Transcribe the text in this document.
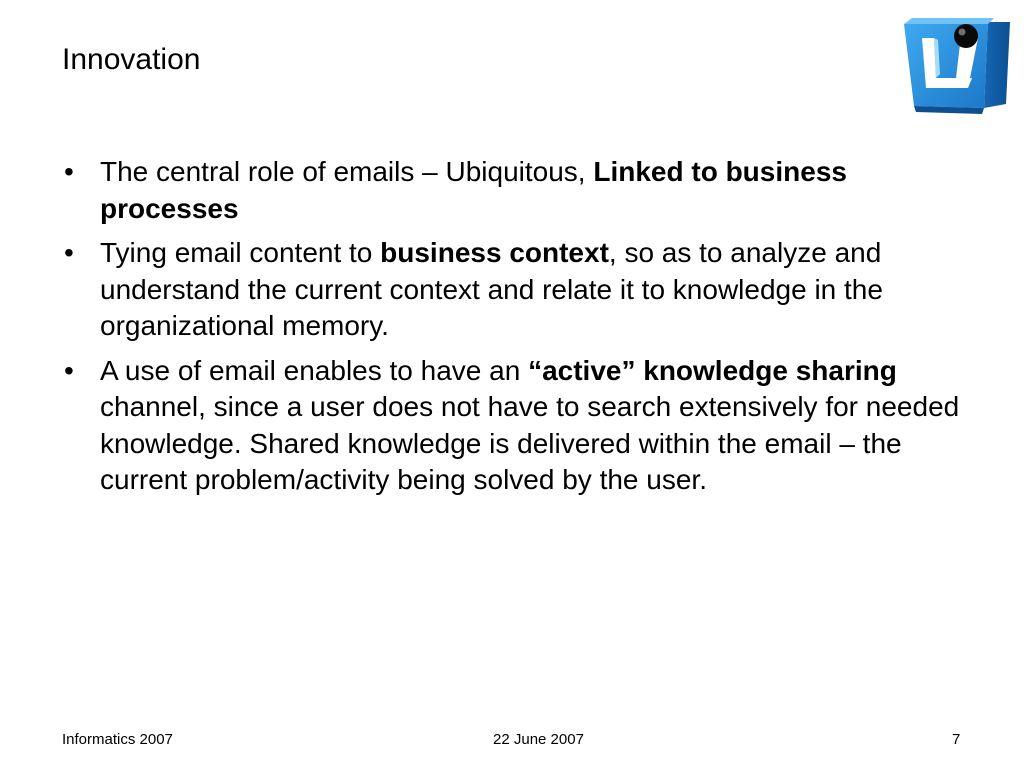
Innovation
• The central role of emails – Ubiquitous, Linked to business processes
• Tying email content to business context, so as to analyze and understand the current context and relate it to knowledge in the organizational memory.
• A use of email enables to have an “active” knowledge sharing channel, since a user does not have to search extensively for needed knowledge. Shared knowledge is delivered within the email – the current problem/activity being solved by the user.
Informatics 2007	22 June 2007	7
